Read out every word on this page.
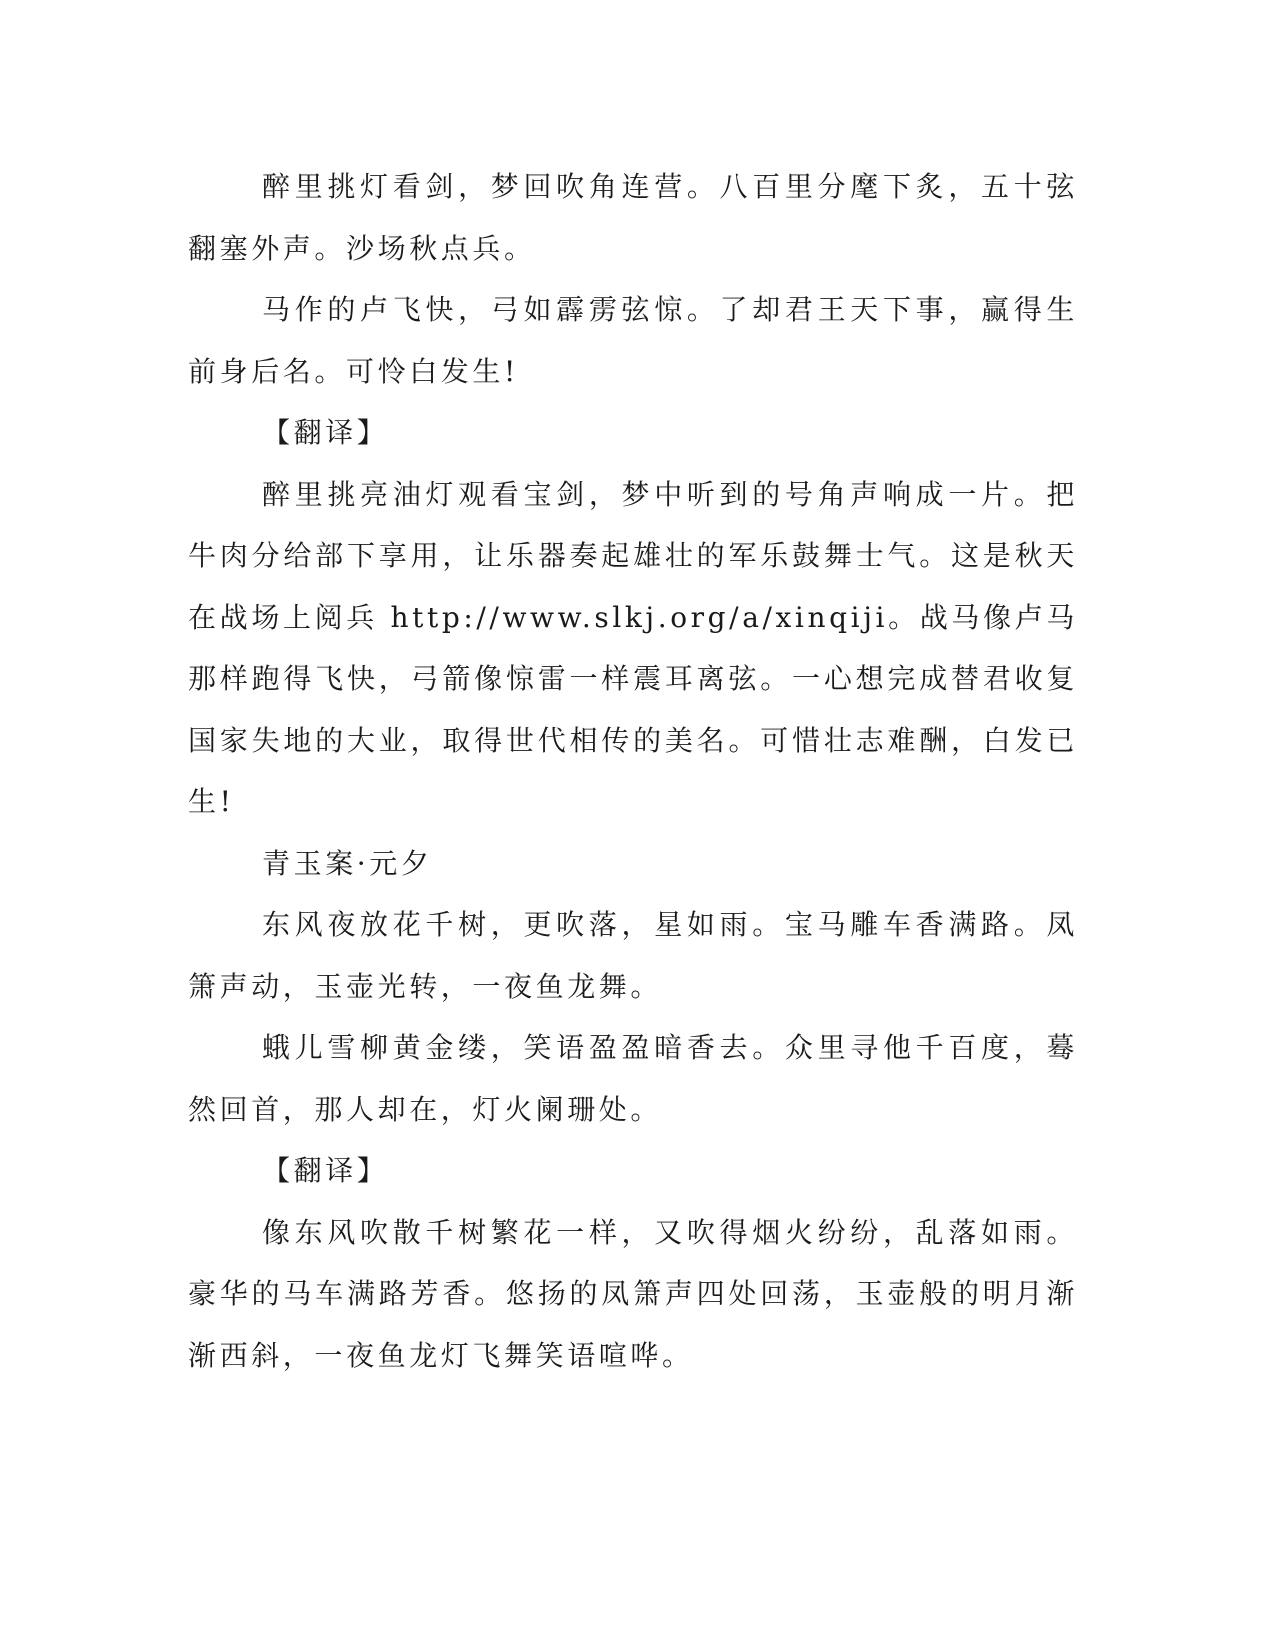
醉里挑灯看剑，梦回吹角连营。八百里分麾下炙，五十弦翻塞外声。沙场秋点兵。

马作的卢飞快，弓如霹雳弦惊。了却君王天下事，赢得生前身后名。可怜白发生!

【翻译】

醉里挑亮油灯观看宝剑，梦中听到的号角声响成一片。把牛肉分给部下享用，让乐器奏起雄壮的军乐鼓舞士气。这是秋天在战场上阅兵 http://www.slkj.org/a/xinqiji。战马像卢马那样跑得飞快，弓箭像惊雷一样震耳离弦。一心想完成替君收复国家失地的大业，取得世代相传的美名。可惜壮志难酬，白发已生!

青玉案·元夕

东风夜放花千树，更吹落，星如雨。宝马雕车香满路。凤箫声动，玉壶光转，一夜鱼龙舞。

蛾儿雪柳黄金缕，笑语盈盈暗香去。众里寻他千百度，蓦然回首，那人却在，灯火阑珊处。

【翻译】

像东风吹散千树繁花一样，又吹得烟火纷纷，乱落如雨。豪华的马车满路芳香。悠扬的凤箫声四处回荡，玉壶般的明月渐渐西斜，一夜鱼龙灯飞舞笑语喧哗。
